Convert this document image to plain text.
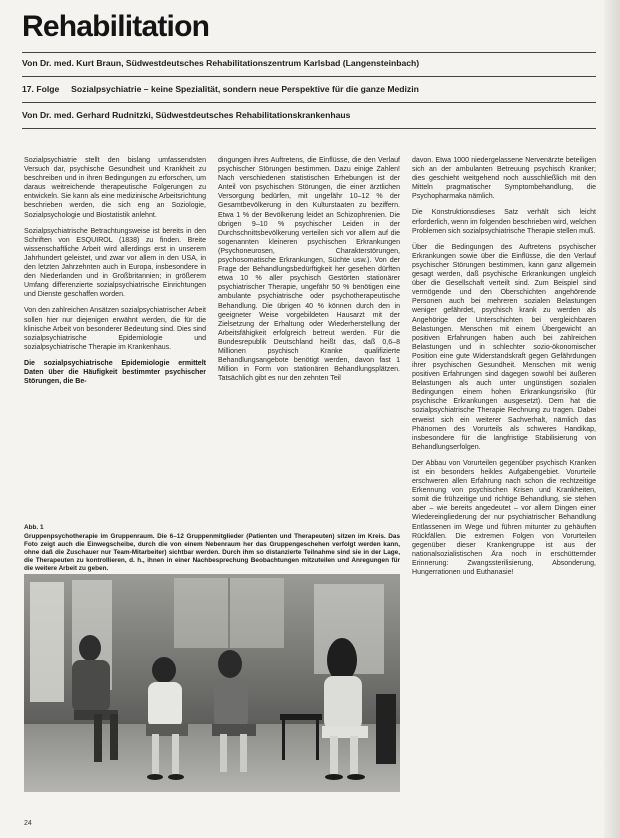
Rehabilitation
Von Dr. med. Kurt Braun, Südwestdeutsches Rehabilitationszentrum Karlsbad (Langensteinbach)
17. Folge     Sozialpsychiatrie – keine Spezialität, sondern neue Perspektive für die ganze Medizin
Von Dr. med. Gerhard Rudnitzki, Südwestdeutsches Rehabilitationskrankenhaus

Sozialpsychiatrie stellt den bislang umfassendsten Versuch dar, psychische Gesundheit und Krankheit zu beschreiben und in ihren Bedingungen zu erforschen, um daraus weitreichende therapeutische Folgerungen zu entwickeln. Sie kann als eine medizinische Arbeitsrichtung beschrieben werden, die sich eng an Soziologie, Sozialpsychologie und Biostatistik anlehnt.

Sozialpsychiatrische Betrachtungsweise ist bereits in den Schriften von ESQUIROL (1838) zu finden. Breite wissenschaftliche Arbeit wird allerdings erst in unserem Jahrhundert geleistet, und zwar vor allem in den USA, in den letzten Jahrzehnten auch in Europa, insbesondere in den Niederlanden und in Großbritannien; in größerem Umfang differenzierte sozialpsychiatrische Einrichtungen und Dienste geschaffen worden.

Von den zahlreichen Ansätzen sozialpsychiatrischer Arbeit sollen hier nur diejenigen erwähnt werden, die für die klinische Arbeit von besonderer Bedeutung sind. Dies sind sozialpsychiatrische Epidemiologie und sozialpsychiatrische Therapie im Krankenhaus.

Die sozialpsychiatrische Epidemiologie ermittelt Daten über die Häufigkeit bestimmter psychischer Störungen, die Be-

dingungen ihres Auftretens, die Einflüsse, die den Verlauf psychischer Störungen bestimmen. Dazu einige Zahlen! Nach verschiedenen statistischen Erhebungen ist der Anteil von psychischen Störungen, die einer ärztlichen Versorgung bedürfen, mit ungefähr 10–12 % der Gesamtbevölkerung in den Kulturstaaten zu beziffern. Etwa 1 % der Bevölkerung leidet an Schizophrenien. Die übrigen 9–10 % psychischer Leiden in der Durchschnittsbevölkerung verteilen sich vor allem auf die sogenannten kleineren psychischen Erkrankungen (Psychoneurosen, Charakterstörungen, psychosomatische Erkrankungen, Süchte usw.). Von der Frage der Behandlungsbedürftigkeit her gesehen dürften etwa 10 % aller psychisch Gestörten stationärer psychiatrischer Therapie, ungefähr 50 % benötigen eine ambulante psychiatrische oder psychotherapeutische Behandlung. Die übrigen 40 % können durch den in geeigneter Weise vorgebildeten Hausarzt mit der Zielsetzung der Erhaltung oder Wiederherstellung der Arbeitsfähigkeit erfolgreich betreut werden. Für die Bundesrepublik Deutschland heißt das, daß 0,6–8 Millionen psychisch Kranke qualifizierte Behandlungsangebote benötigt werden, davon fast 1 Million in Form von stationären Behandlungsplätzen. Tatsächlich gibt es nur den zehnten Teil

davon. Etwa 1000 niedergelassene Nervenärzte beteiligen sich an der ambulanten Betreuung psychisch Kranker; dies geschieht weitgehend noch ausschließlich mit den Mitteln pragmatischer Symptombehandlung, die Psychopharmaka nämlich.

Die Konstruktionsdieses Satz verhält sich leicht erforderlich, wenn im folgenden beschrieben wird, welchen Problemen sich sozialpsychiatrische Therapie stellen muß.

Über die Bedingungen des Auftretens psychischer Erkrankungen sowie über die Einflüsse, die den Verlauf psychischer Störungen bestimmen, kann ganz allgemein gesagt werden, daß psychische Erkrankungen ungleich über die Gesellschaft verteilt sind. Zum Beispiel sind vermögende und den Oberschichten angehörende Personen auch bei mehreren sozialen Belastungen weniger gefährdet, psychisch krank zu werden als Angehörige der Unterschichten bei vergleichbaren Belastungen. Menschen mit einem Übergewicht an positiven Erfahrungen haben auch bei zahlreichen Belastungen und in schlechter sozio-ökonomischer Position eine gute Widerstandskraft gegen Gefährdungen ihrer psychischen Gesundheit. Menschen mit wenig positiven Erfahrungen sind dagegen sowohl bei äußeren Belastungen als auch unter ungünstigen sozialen Bedingungen einem hohen Erkrankungsrisiko (für psychische Erkrankungen ausgesetzt). Dem hat die sozialpsychiatrische Therapie Rechnung zu tragen. Dabei erweist sich ein weiterer Sachverhalt, nämlich das Phänomen des Vorurteils als schweres Handikap, insbesondere für die langfristige Stabilisierung von Behandlungserfolgen.

Der Abbau von Vorurteilen gegenüber psychisch Kranken ist ein besonders heikles Aufgabengebiet. Vorurteile erschweren allen Erfahrung nach schon die rechtzeitige Erkennung von psychischen Krisen und Krankheiten, somit die frühzeitige und richtige Behandlung, sie stehen aber – wie bereits angedeutet – vor allem Dingen einer Wiedereingliederung der nur psychiatrischer Behandlung Entlassenen im Wege und führen mitunter zu gehäuften Rückfällen. Die extremen Folgen von Vorurteilen gegenüber dieser Krankengruppe ist aus der nationalsozialistischen Ära noch in erschütternder Erinnerung: Zwangssterilisierung, Absonderung, Hungerrationen und Euthanasie!

Abb. 1

Gruppenpsychotherapie im Gruppenraum. Die 6–12 Gruppenmitglieder (Patienten und Therapeuten) sitzen im Kreis. Das Foto zeigt auch die Einwegscheibe, durch die von einem Nebenraum her das Gruppengeschehen verfolgt werden kann, ohne daß die Zuschauer nur Team-Mitarbeiter) sichtbar werden. Durch ihm so distanzierte Teilnahme sind sie in der Lage, die Therapeuten zu kontrollieren, d. h., ihnen in einer Nachbesprechung Beobachtungen mitzuteilen und Anregungen für die weitere Arbeit zu geben.

24
